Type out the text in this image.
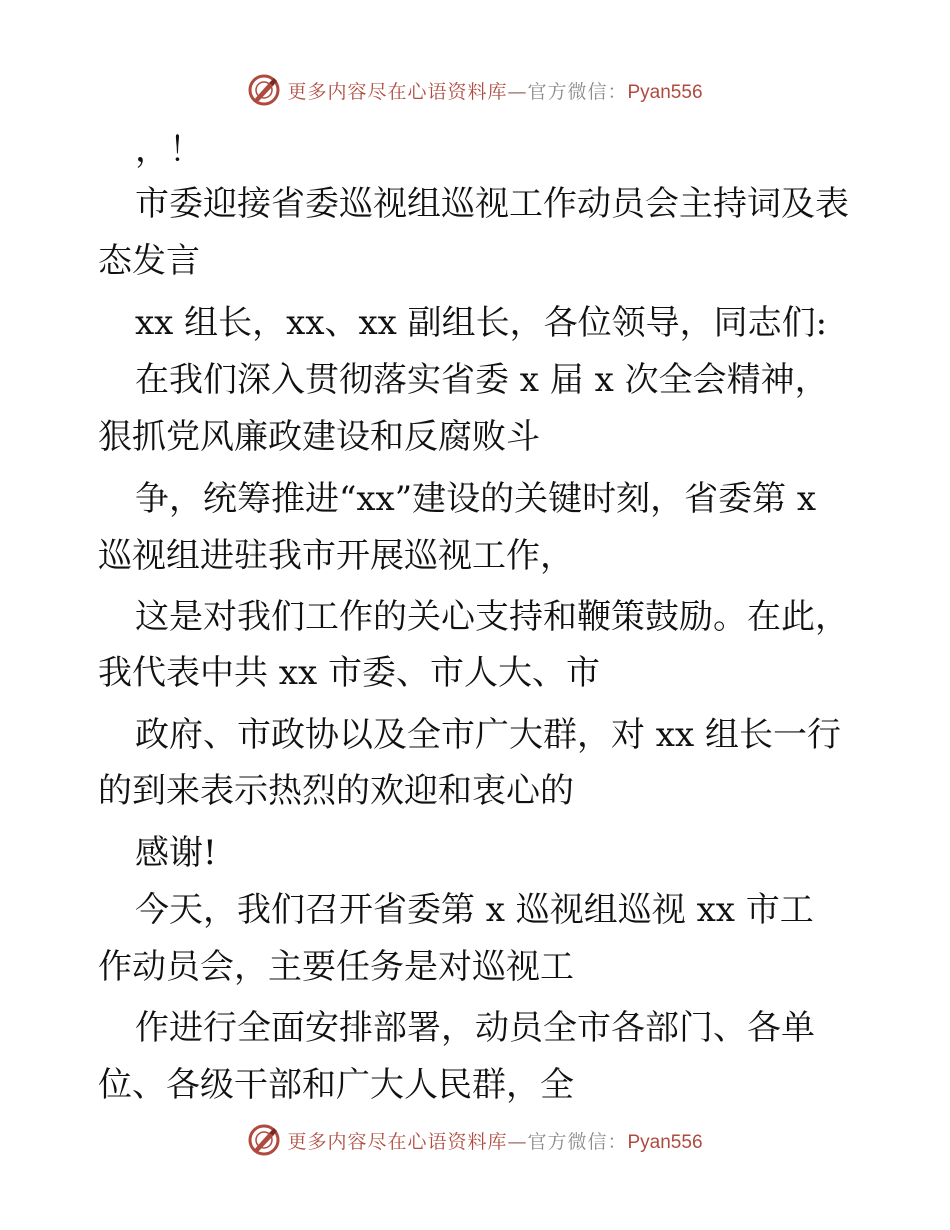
更多内容尽在心语资料库—官方微信：Pyan556
，！
市委迎接省委巡视组巡视工作动员会主持词及表
态发言
xx 组长，xx、xx 副组长，各位领导，同志们:
在我们深入贯彻落实省委 x 届 x 次全会精神，
狠抓党风廉政建设和反腐败斗
争，统筹推进“xx”建设的关键时刻，省委第 x
巡视组进驻我市开展巡视工作，
这是对我们工作的关心支持和鞭策鼓励。在此，
我代表中共 xx 市委、市人大、市
政府、市政协以及全市广大群，对 xx 组长一行
的到来表示热烈的欢迎和衷心的
感谢!
今天，我们召开省委第 x 巡视组巡视 xx 市工
作动员会，主要任务是对巡视工
作进行全面安排部署，动员全市各部门、各单
位、各级干部和广大人民群，全
更多内容尽在心语资料库—官方微信：Pyan556
